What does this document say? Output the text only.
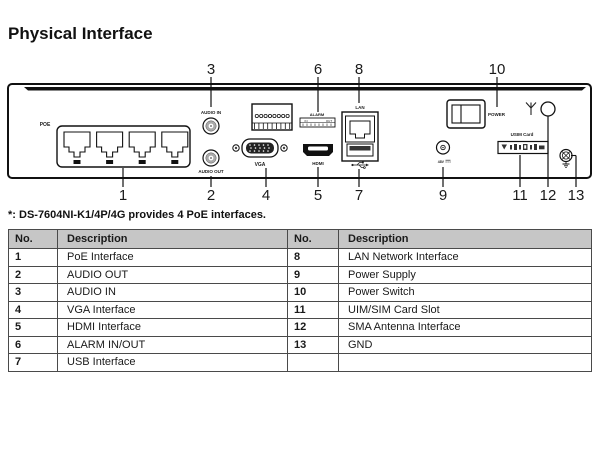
Physical Interface
3	6 8	10
POE
AUDIO IN
AUDIO OUT
VGA	HDMI
ALARM
IN	OUT
LAN
48V
POWER
USIM Card
1	2	4	5 7	9	11 12 13
*: DS-7604NI-K1/4P/4G provides 4 PoE interfaces.
No.	Description	No.	Description
1	PoE Interface	8	LAN Network Interface
2	AUDIO OUT	9	Power Supply
3	AUDIO IN	10	Power Switch
4	VGA Interface	11	UIM/SIM Card Slot
5	HDMI Interface	12	SMA Antenna Interface
6	ALARM IN/OUT	13	GND
7	USB Interface		
